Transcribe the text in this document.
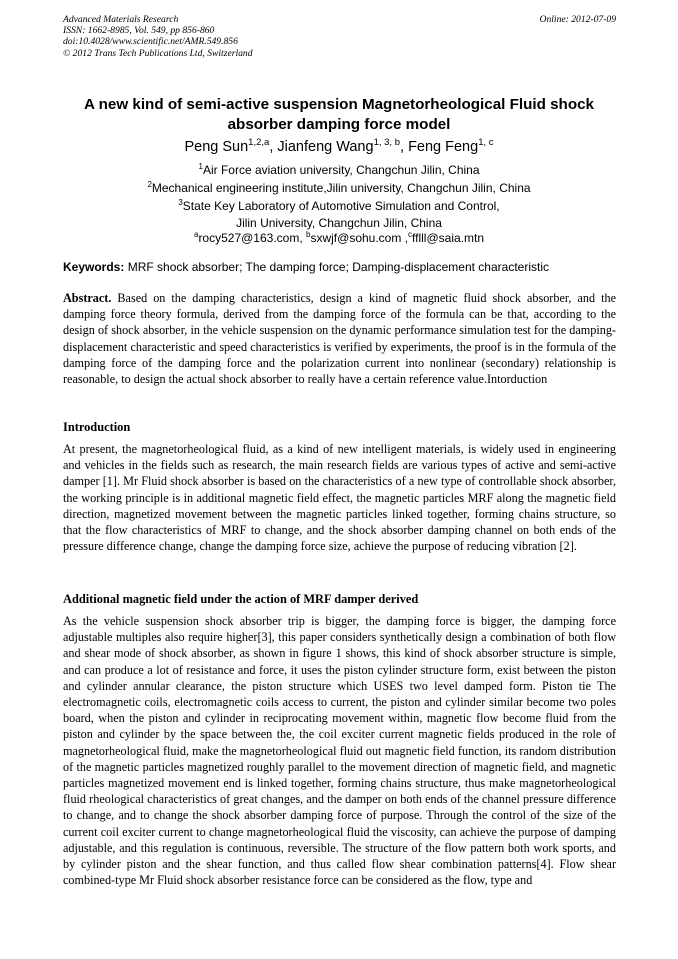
Advanced Materials Research
ISSN: 1662-8985, Vol. 549, pp 856-860
doi:10.4028/www.scientific.net/AMR.549.856
© 2012 Trans Tech Publications Ltd, Switzerland
Online: 2012-07-09
A new kind of semi-active suspension Magnetorheological Fluid shock
absorber damping force model
Peng Sun$^{1,2,a}$, Jianfeng Wang$^{1, 3, b}$, Feng Feng$^{1, c}$
$^1$Air Force aviation university, Changchun Jilin, China
$^2$Mechanical engineering institute,Jilin university, Changchun Jilin, China
$^3$State Key Laboratory of Automotive Simulation and Control,
Jilin University, Changchun Jilin, China
$^a$rocy527@163.com, $^b$sxwjf@sohu.com ,$^c$fflll@saia.mtn
Keywords: MRF shock absorber; The damping force; Damping-displacement characteristic
Abstract. Based on the damping characteristics, design a kind of magnetic fluid shock absorber, and the damping force theory formula, derived from the damping force of the formula can be that, according to the design of shock absorber, in the vehicle suspension on the dynamic performance simulation test for the damping-displacement characteristic and speed characteristics is verified by experiments, the proof is in the formula of the damping force of the damping force and the polarization current into nonlinear (secondary) relationship is reasonable, to design the actual shock absorber to really have a certain reference value.Intorduction
Introduction
At present, the magnetorheological fluid, as a kind of new intelligent materials, is widely used in engineering and vehicles in the fields such as research, the main research fields are various types of active and semi-active damper [1]. Mr Fluid shock absorber is based on the characteristics of a new type of controllable shock absorber, the working principle is in additional magnetic field effect, the magnetic particles MRF along the magnetic field direction, magnetized movement between the magnetic particles linked together, forming chains structure, so that the flow characteristics of MRF to change, and the shock absorber damping channel on both ends of the pressure difference change, change the damping force size, achieve the purpose of reducing vibration [2].
Additional magnetic field under the action of MRF damper derived
As the vehicle suspension shock absorber trip is bigger, the damping force is bigger, the damping force adjustable multiples also require higher[3], this paper considers synthetically design a combination of both flow and shear mode of shock absorber, as shown in figure 1 shows, this kind of shock absorber structure is simple, and can produce a lot of resistance and force, it uses the piston cylinder structure form, exist between the piston and cylinder annular clearance, the piston structure which USES two level damped form. Piston tie The electromagnetic coils, electromagnetic coils access to current, the piston and cylinder similar become two poles board, when the piston and cylinder in reciprocating movement within, magnetic flow become fluid from the piston and cylinder by the space between the, the coil exciter current magnetic fields produced in the role of magnetorheological fluid, make the magnetorheological fluid out magnetic field function, its random distribution of the magnetic particles magnetized roughly parallel to the movement direction of magnetic field, and magnetic particles magnetized movement end is linked together, forming chains structure, thus make magnetorheological fluid rheological characteristics of great changes, and the damper on both ends of the channel pressure difference to change, and to change the shock absorber damping force of purpose. Through the control of the size of the current coil exciter current to change magnetorheological fluid the viscosity, can achieve the purpose of damping adjustable, and this regulation is continuous, reversible. The structure of the flow pattern both work sports, and by cylinder piston and the shear function, and thus called flow shear combination patterns[4]. Flow shear combined-type Mr Fluid shock absorber resistance force can be considered as the flow, type and
